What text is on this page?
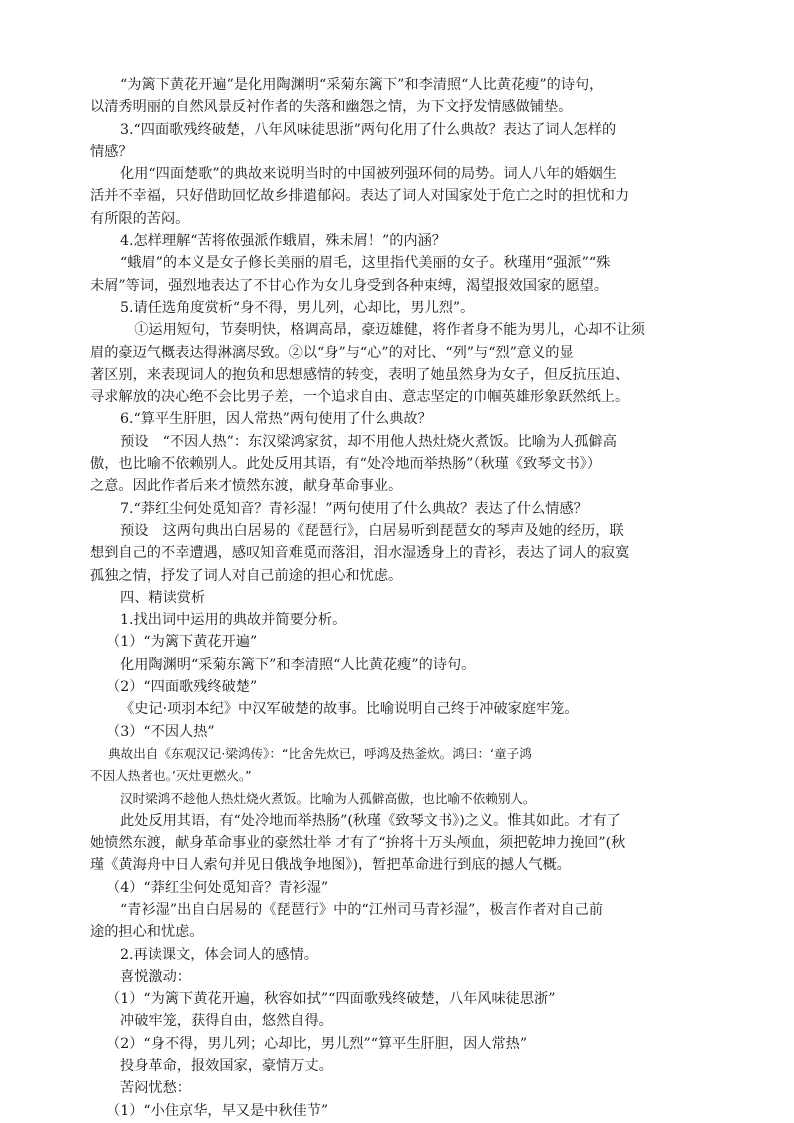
“为篱下黄花开遍”是化用陶渊明“采菊东篱下”和李清照“人比黄花瘦”的诗句，
以清秀明丽的自然风景反衬作者的失落和幽怨之情，为下文抒发情感做铺垫。
3.“四面歌残终破楚，八年风味徒思浙”两句化用了什么典故？表达了词人怎样的
情感？
化用“四面楚歌”的典故来说明当时的中国被列强环伺的局势。词人八年的婚姻生
活并不幸福，只好借助回忆故乡排遣郁闷。表达了词人对国家处于危亡之时的担忧和力
有所限的苦闷。
4.怎样理解“苦将侬强派作蛾眉，殊未屑！”的内涵？
“蛾眉”的本义是女子修长美丽的眉毛，这里指代美丽的女子。秋瑾用“强派”“殊
未屑”等词，强烈地表达了不甘心作为女儿身受到各种束缚，渴望报效国家的愿望。
5.请任选角度赏析“身不得，男儿列，心却比，男儿烈”。
 ①运用短句，节奏明快，格调高昂，豪迈雄健，将作者身不能为男儿，心却不让须
眉的豪迈气概表达得淋漓尽致。②以“身”与“心”的对比、“列”与“烈”意义的显
著区别，来表现词人的抱负和思想感情的转变，表明了她虽然身为女子，但反抗压迫、
寻求解放的决心绝不会比男子差，一个追求自由、意志坚定的巾帼英雄形象跃然纸上。
6.“算平生肝胆，因人常热”两句使用了什么典故？
预设 “不因人热”：东汉梁鸿家贫，却不用他人热灶烧火煮饭。比喻为人孤僻高
傲，也比喻不依赖别人。此处反用其语，有“处冷地而举热肠”（秋瑾《致琴文书》）
之意。因此作者后来才愤然东渡，献身革命事业。
7.“莽红尘何处觅知音？青衫湿！”两句使用了什么典故？表达了什么情感？
预设 这两句典出白居易的《琵琶行》，白居易听到琵琶女的琴声及她的经历，联
想到自己的不幸遭遇，感叹知音难觅而落泪，泪水湿透身上的青衫，表达了词人的寂寞
孤独之情，抒发了词人对自己前途的担心和忧虑。
四、精读赏析
1.找出词中运用的典故并简要分析。
（1）“为篱下黄花开遍”
化用陶渊明“采菊东篱下”和李清照“人比黄花瘦”的诗句。
（2）“四面歌残终破楚”
《史记·项羽本纪》中汉军破楚的故事。比喻说明自己终于冲破家庭牢笼。
（3）“不因人热”
典故出自《东观汉记·梁鸿传》：“比舍先炊已，呼鸿及热釜炊。鸿曰：‘童子鸿
不因人热者也。’灭灶更燃火。”
汉时梁鸿不趁他人热灶烧火煮饭。比喻为人孤僻高傲，也比喻不依赖别人。
此处反用其语，有“处冷地而举热肠”(秋瑾《致琴文书》)之义。惟其如此。才有了
她愤然东渡，献身革命事业的豪然壮举 才有了“拚将十万头颅血，须把乾坤力挽回”(秋
瑾《黄海舟中日人索句并见日俄战争地图》)，暂把革命进行到底的撼人气概。
（4）“莽红尘何处觅知音？青衫湿”
“青衫湿”出自白居易的《琵琶行》中的“江州司马青衫湿”，极言作者对自己前
途的担心和忧虑。
2.再读课文，体会词人的感情。
喜悦激动：
（1）“为篱下黄花开遍，秋容如拭”“四面歌残终破楚，八年风味徒思浙”
冲破牢笼，获得自由，悠然自得。
（2）“身不得，男儿列；心却比，男儿烈”“算平生肝胆，因人常热”
投身革命，报效国家，豪情万丈。
苦闷忧愁：
（1）“小住京华，早又是中秋佳节”
